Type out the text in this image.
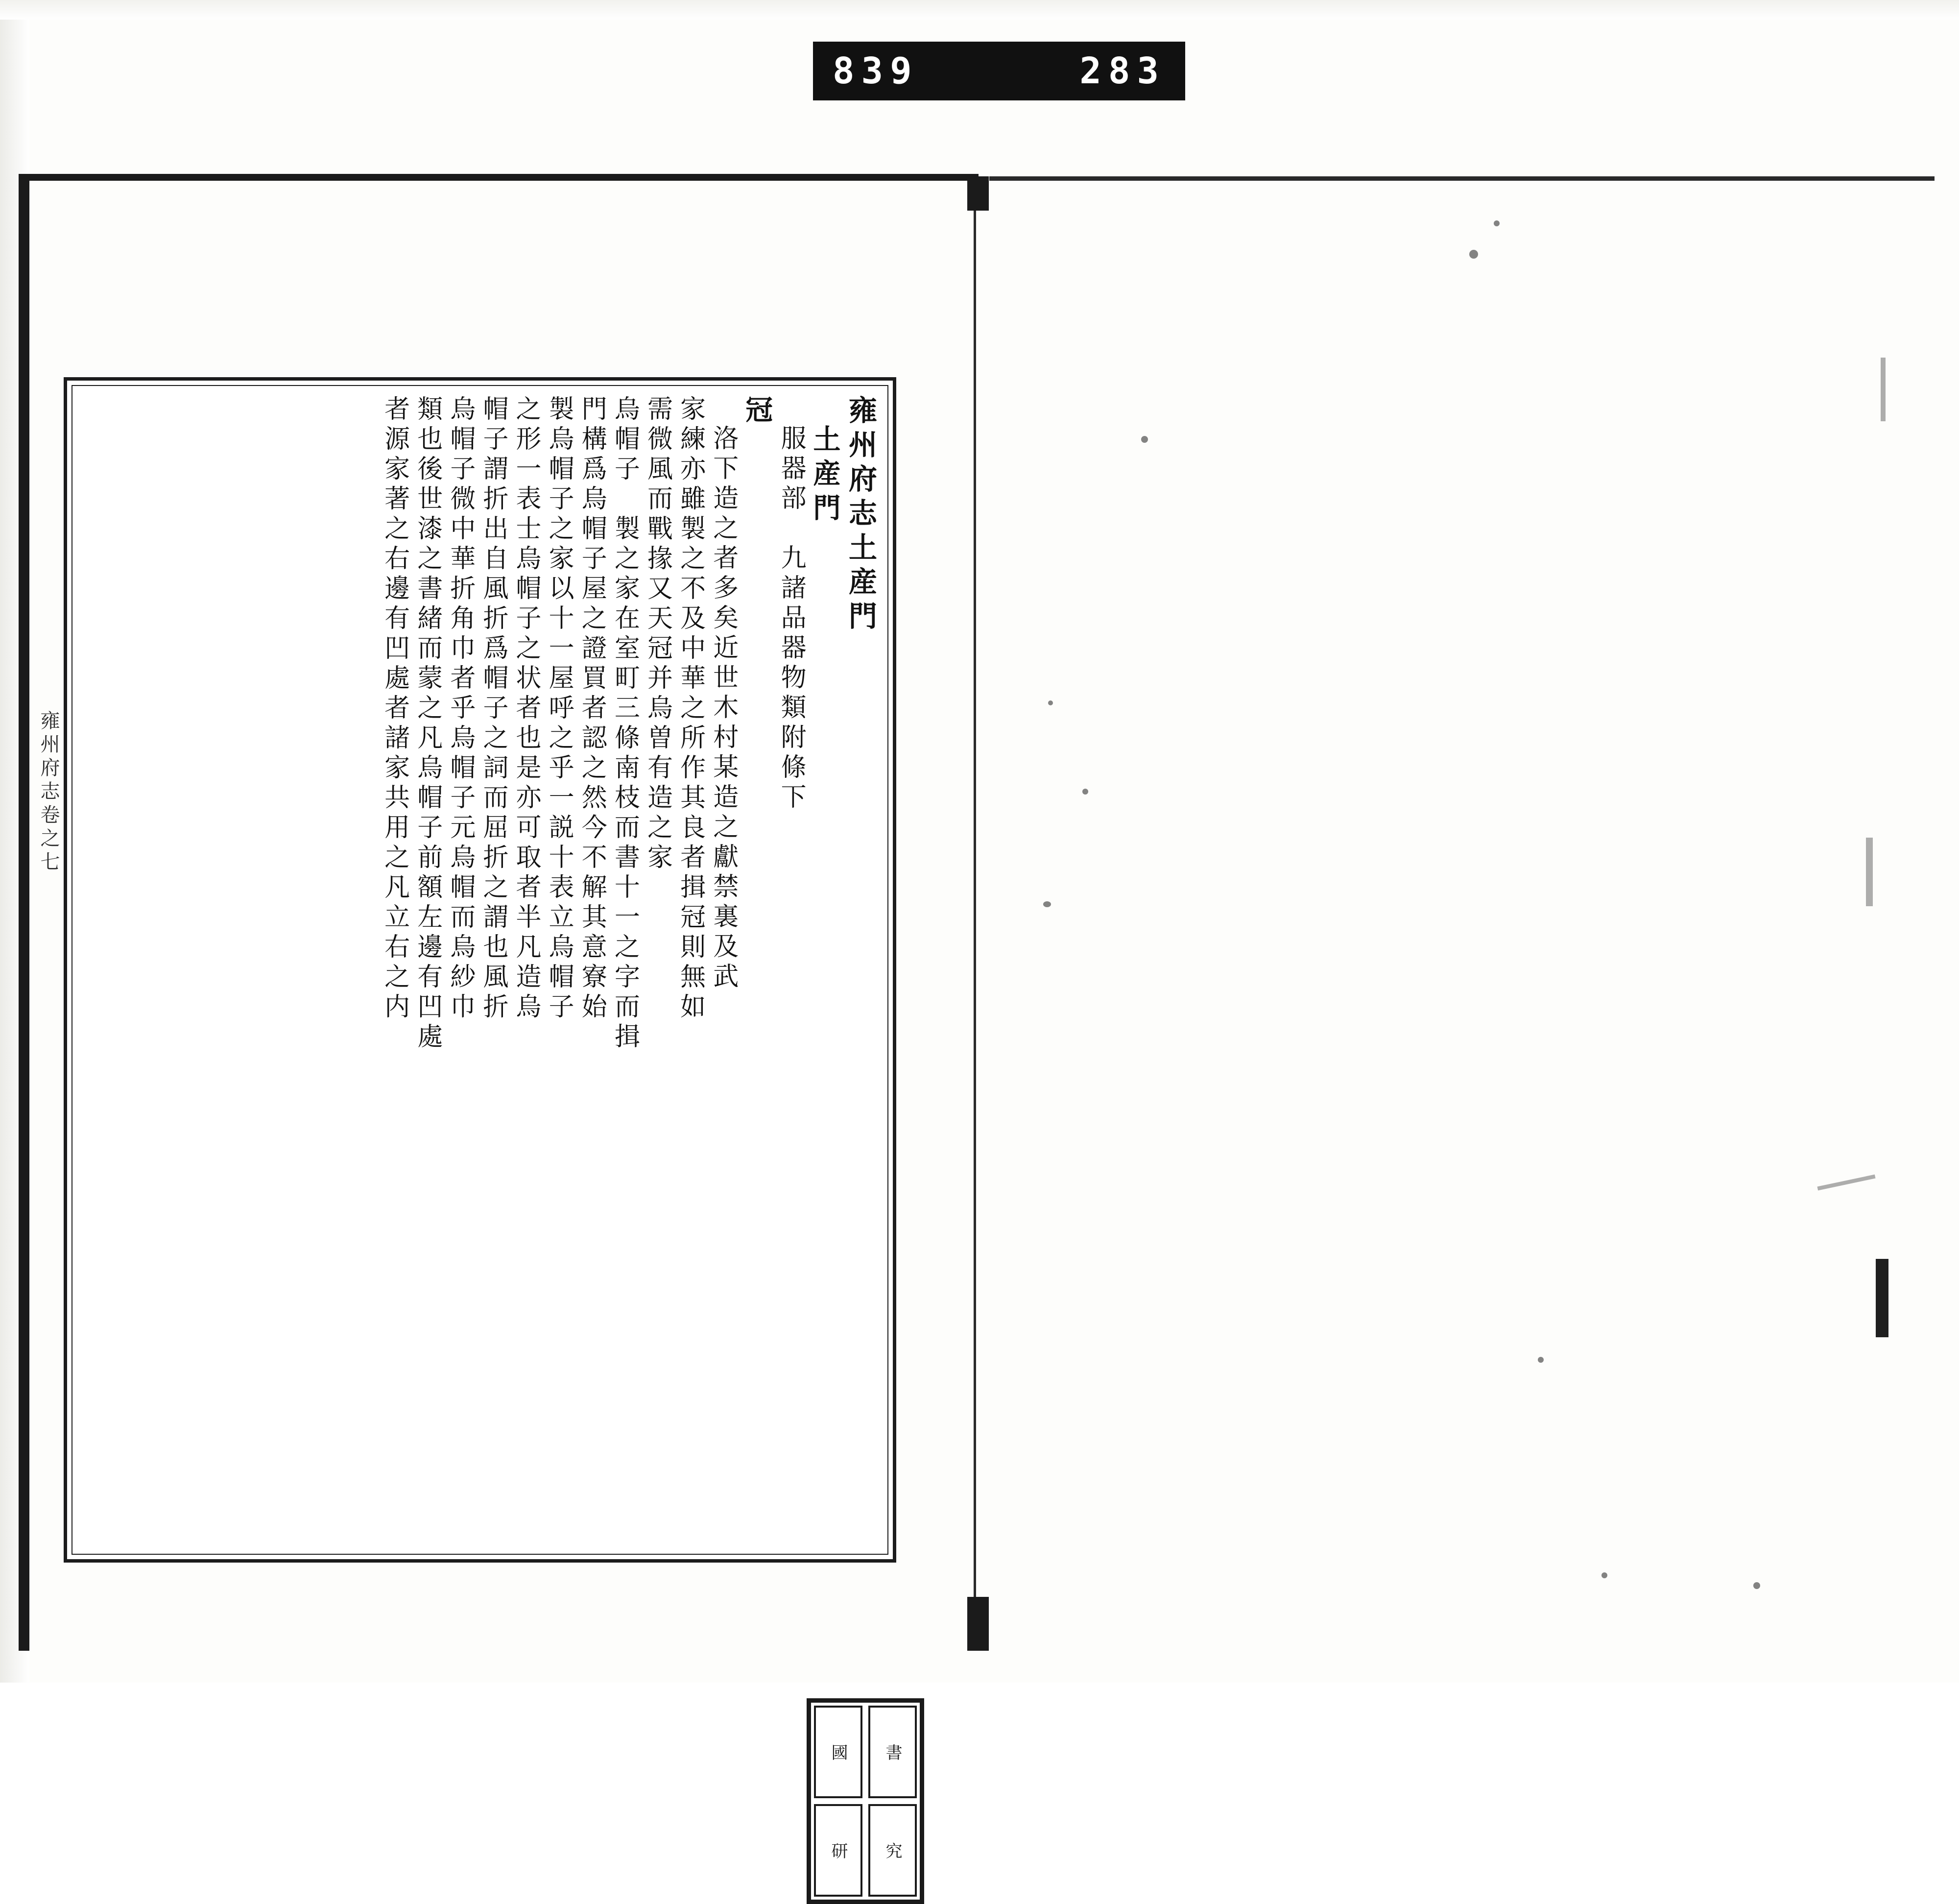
839	283
雍州府志卷之七
雍州府志土産門
土産門
服器部　九諸品器物類附條下
冠
洛下造之者多矣近世木村某造之獻禁裏及武
家練亦雖製之不及中華之所作其良者揖冠則無如
需微風而戰掾又天冠并烏曽有造之家
烏帽子　製之家在室町三條南枝而書十一之字而揖
門構爲烏帽子屋之證買者認之然今不解其意寮始
製烏帽子之家以十一屋呼之乎一説十表立烏帽子
之形一表士烏帽子之状者也是亦可取者半凡造烏
帽子謂折出自風折爲帽子之詞而屈折之謂也風折
烏帽子微中華折角巾者乎烏帽子元烏帽而烏紗巾
類也後世漆之書緒而蒙之凡烏帽子前額左邊有凹處
者源家著之右邊有凹處者諸家共用之凡立右之内
國	書
研	究
